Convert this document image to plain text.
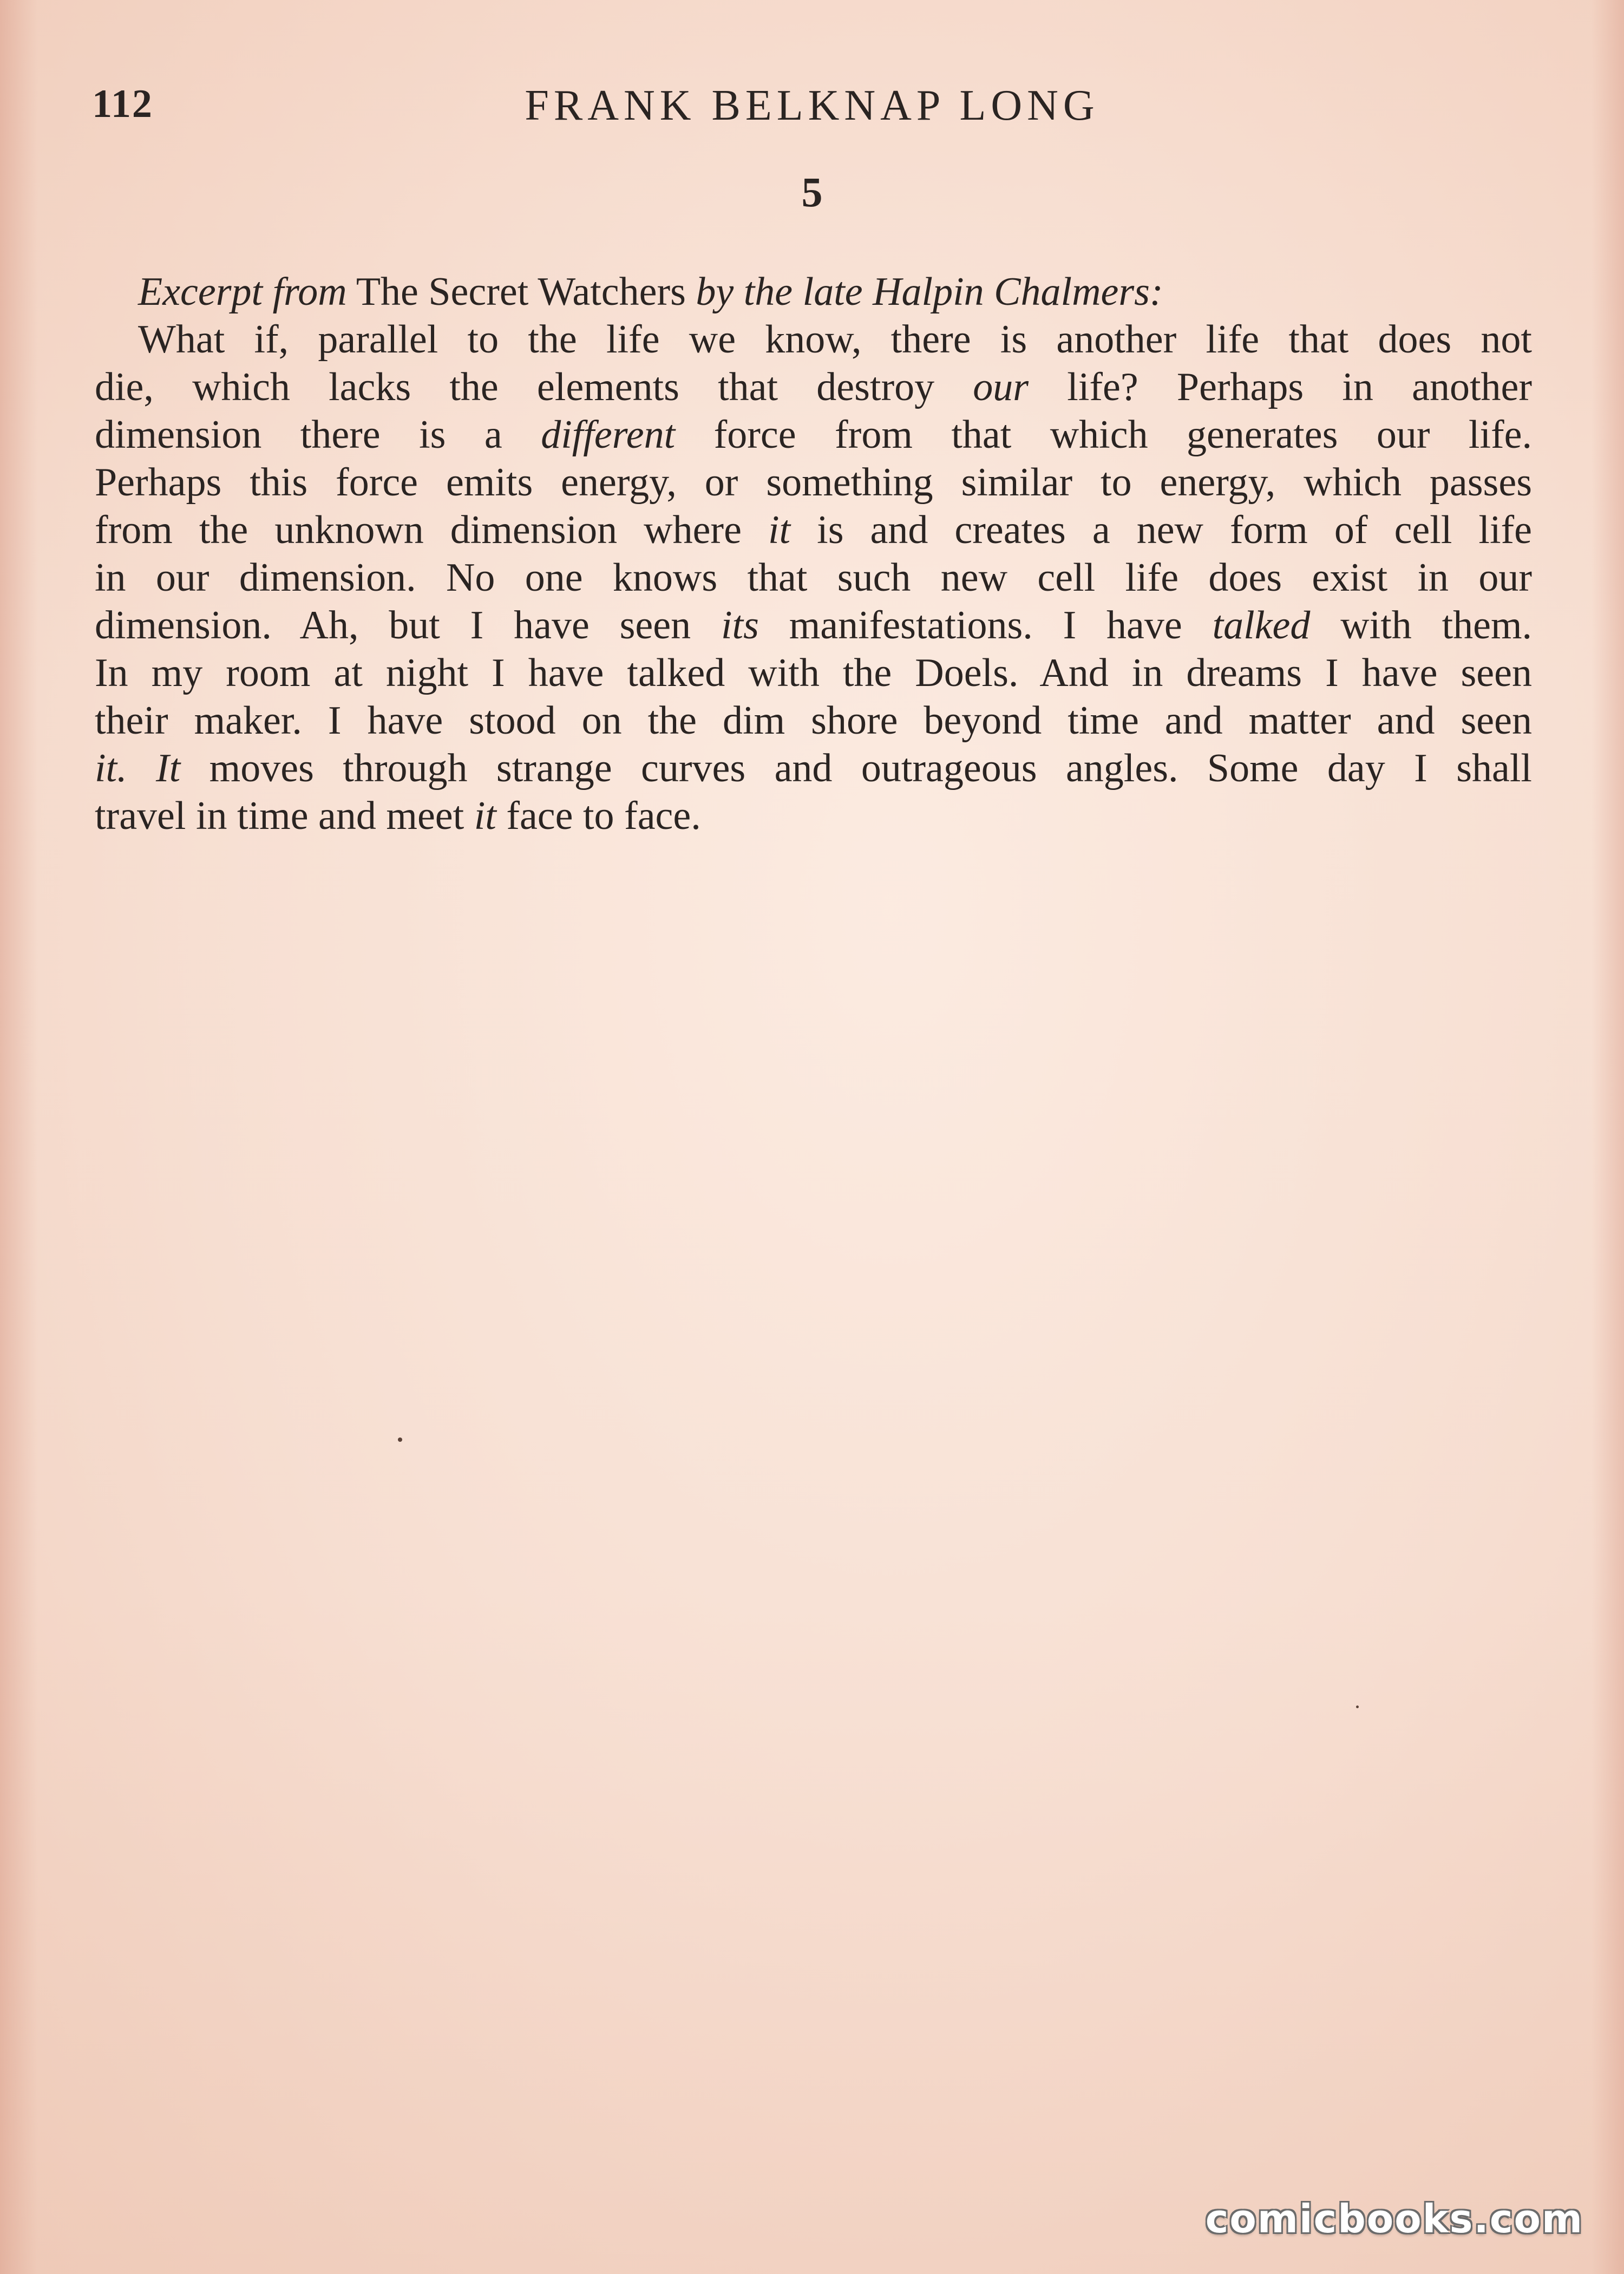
112	FRANK BELKNAP LONG
5
Excerpt from The Secret Watchers by the late Halpin Chalmers:
What if, parallel to the life we know, there is another life that does not
die, which lacks the elements that destroy our life? Perhaps in another
dimension there is a different force from that which generates our life.
Perhaps this force emits energy, or something similar to energy, which passes
from the unknown dimension where it is and creates a new form of cell life
in our dimension. No one knows that such new cell life does exist in our
dimension. Ah, but I have seen its manifestations. I have talked with them.
In my room at night I have talked with the Doels. And in dreams I have seen
their maker. I have stood on the dim shore beyond time and matter and seen
it. It moves through strange curves and outrageous angles. Some day I shall
travel in time and meet it face to face.
comicbooks.com
